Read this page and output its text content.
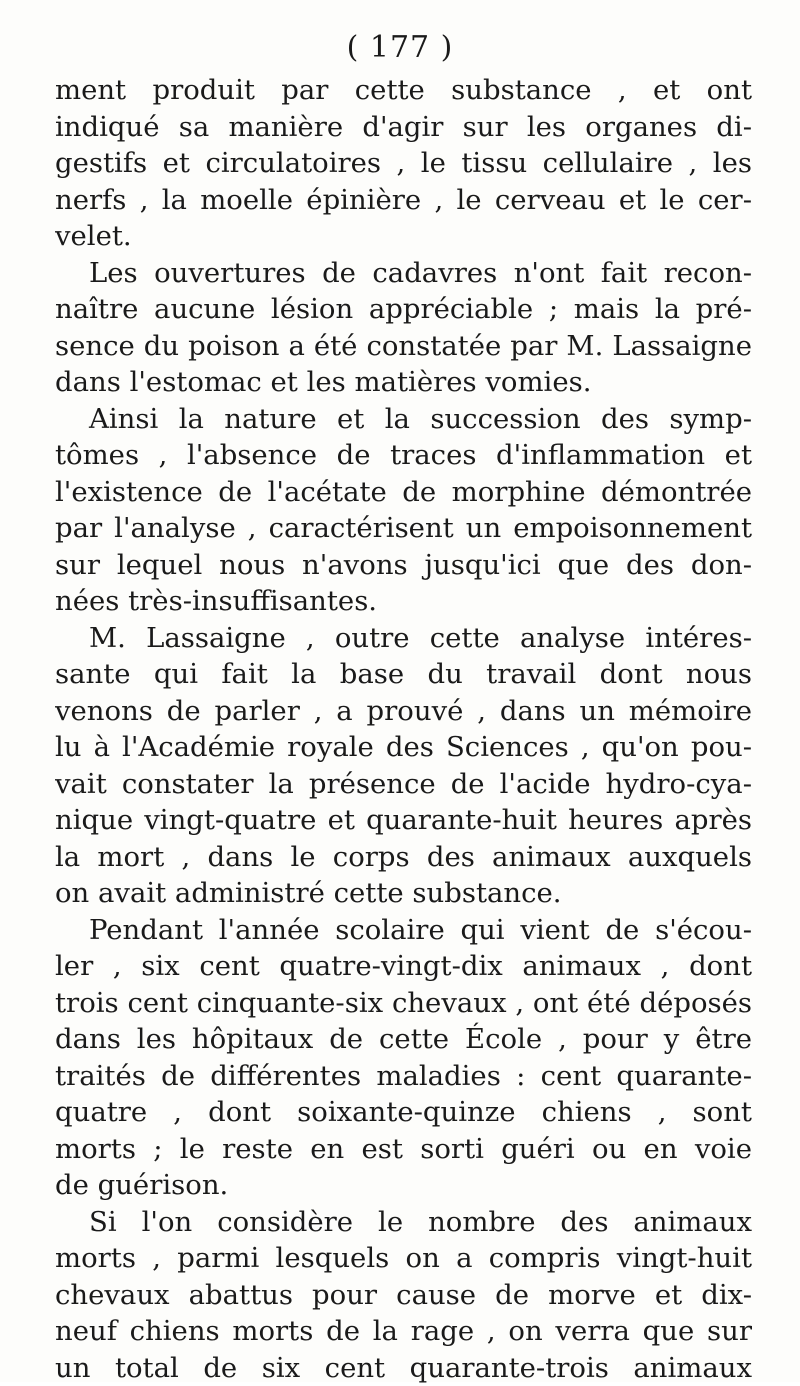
( 177 )
ment produit par cette substance , et ont
indiqué sa manière d'agir sur les organes di-
gestifs et circulatoires , le tissu cellulaire , les
nerfs , la moelle épinière , le cerveau et le cer-
velet.
Les ouvertures de cadavres n'ont fait recon-
naître aucune lésion appréciable ; mais la pré-
sence du poison a été constatée par M. Lassaigne
dans l'estomac et les matières vomies.
Ainsi la nature et la succession des symp-
tômes , l'absence de traces d'inflammation et
l'existence de l'acétate de morphine démontrée
par l'analyse , caractérisent un empoisonnement
sur lequel nous n'avons jusqu'ici que des don-
nées très-insuffisantes.
M. Lassaigne , outre cette analyse intéres-
sante qui fait la base du travail dont nous
venons de parler , a prouvé , dans un mémoire
lu à l'Académie royale des Sciences , qu'on pou-
vait constater la présence de l'acide hydro-cya-
nique vingt-quatre et quarante-huit heures après
la mort , dans le corps des animaux auxquels
on avait administré cette substance.
Pendant l'année scolaire qui vient de s'écou-
ler , six cent quatre-vingt-dix animaux , dont
trois cent cinquante-six chevaux , ont été déposés
dans les hôpitaux de cette École , pour y être
traités de différentes maladies : cent quarante-
quatre , dont soixante-quinze chiens , sont
morts ; le reste en est sorti guéri ou en voie
de guérison.
Si l'on considère le nombre des animaux
morts , parmi lesquels on a compris vingt-huit
chevaux abattus pour cause de morve et dix-
neuf chiens morts de la rage , on verra que sur
un total de six cent quarante-trois animaux
